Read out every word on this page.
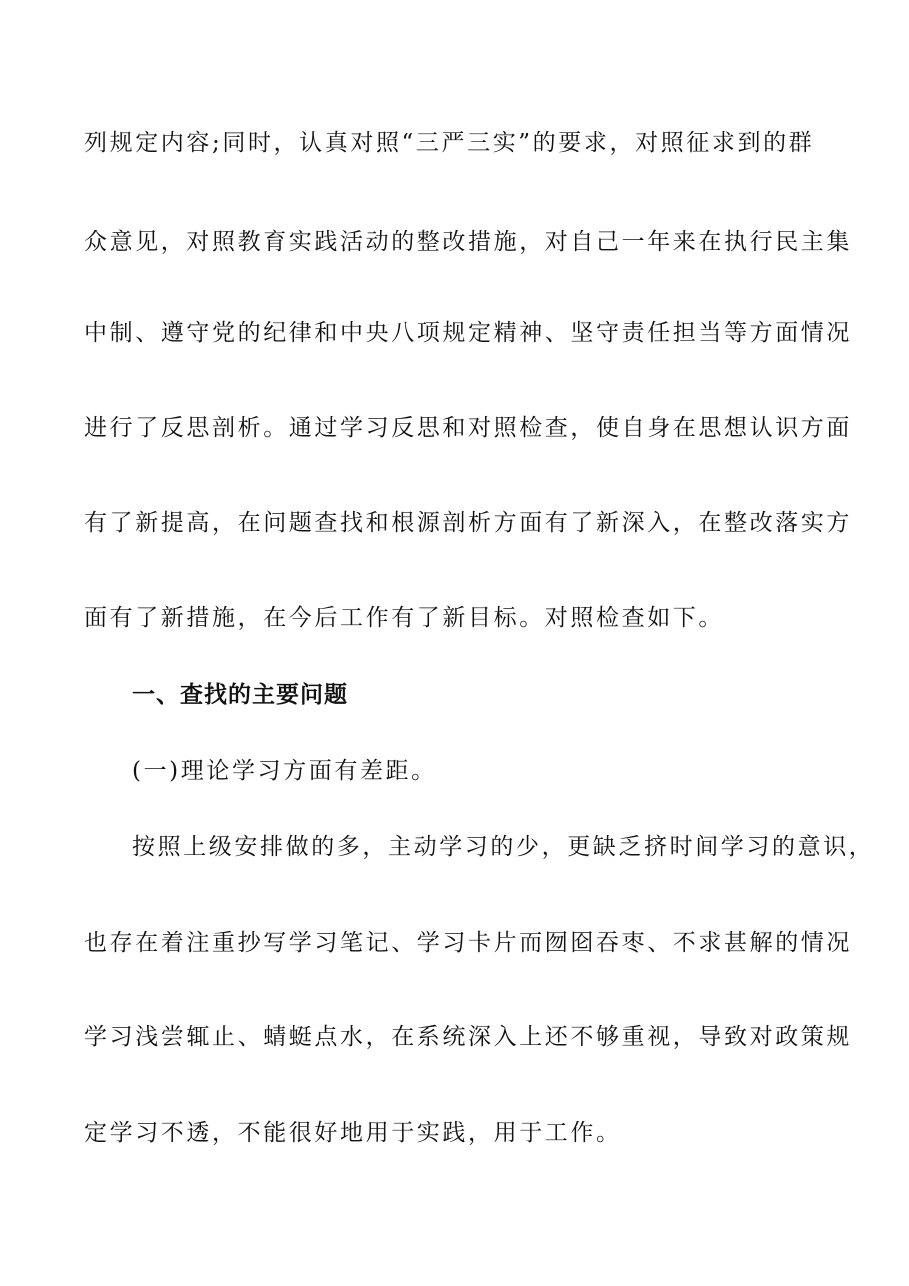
列规定内容;同时，认真对照“三严三实”的要求，对照征求到的群
众意见，对照教育实践活动的整改措施，对自己一年来在执行民主集
中制、遵守党的纪律和中央八项规定精神、坚守责任担当等方面情况
进行了反思剖析。通过学习反思和对照检查，使自身在思想认识方面
有了新提高，在问题查找和根源剖析方面有了新深入，在整改落实方
面有了新措施，在今后工作有了新目标。对照检查如下。
一、查找的主要问题
(一)理论学习方面有差距。
按照上级安排做的多，主动学习的少，更缺乏挤时间学习的意识，
也存在着注重抄写学习笔记、学习卡片而囫囵吞枣、不求甚解的情况
学习浅尝辄止、蜻蜓点水，在系统深入上还不够重视，导致对政策规
定学习不透，不能很好地用于实践，用于工作。
